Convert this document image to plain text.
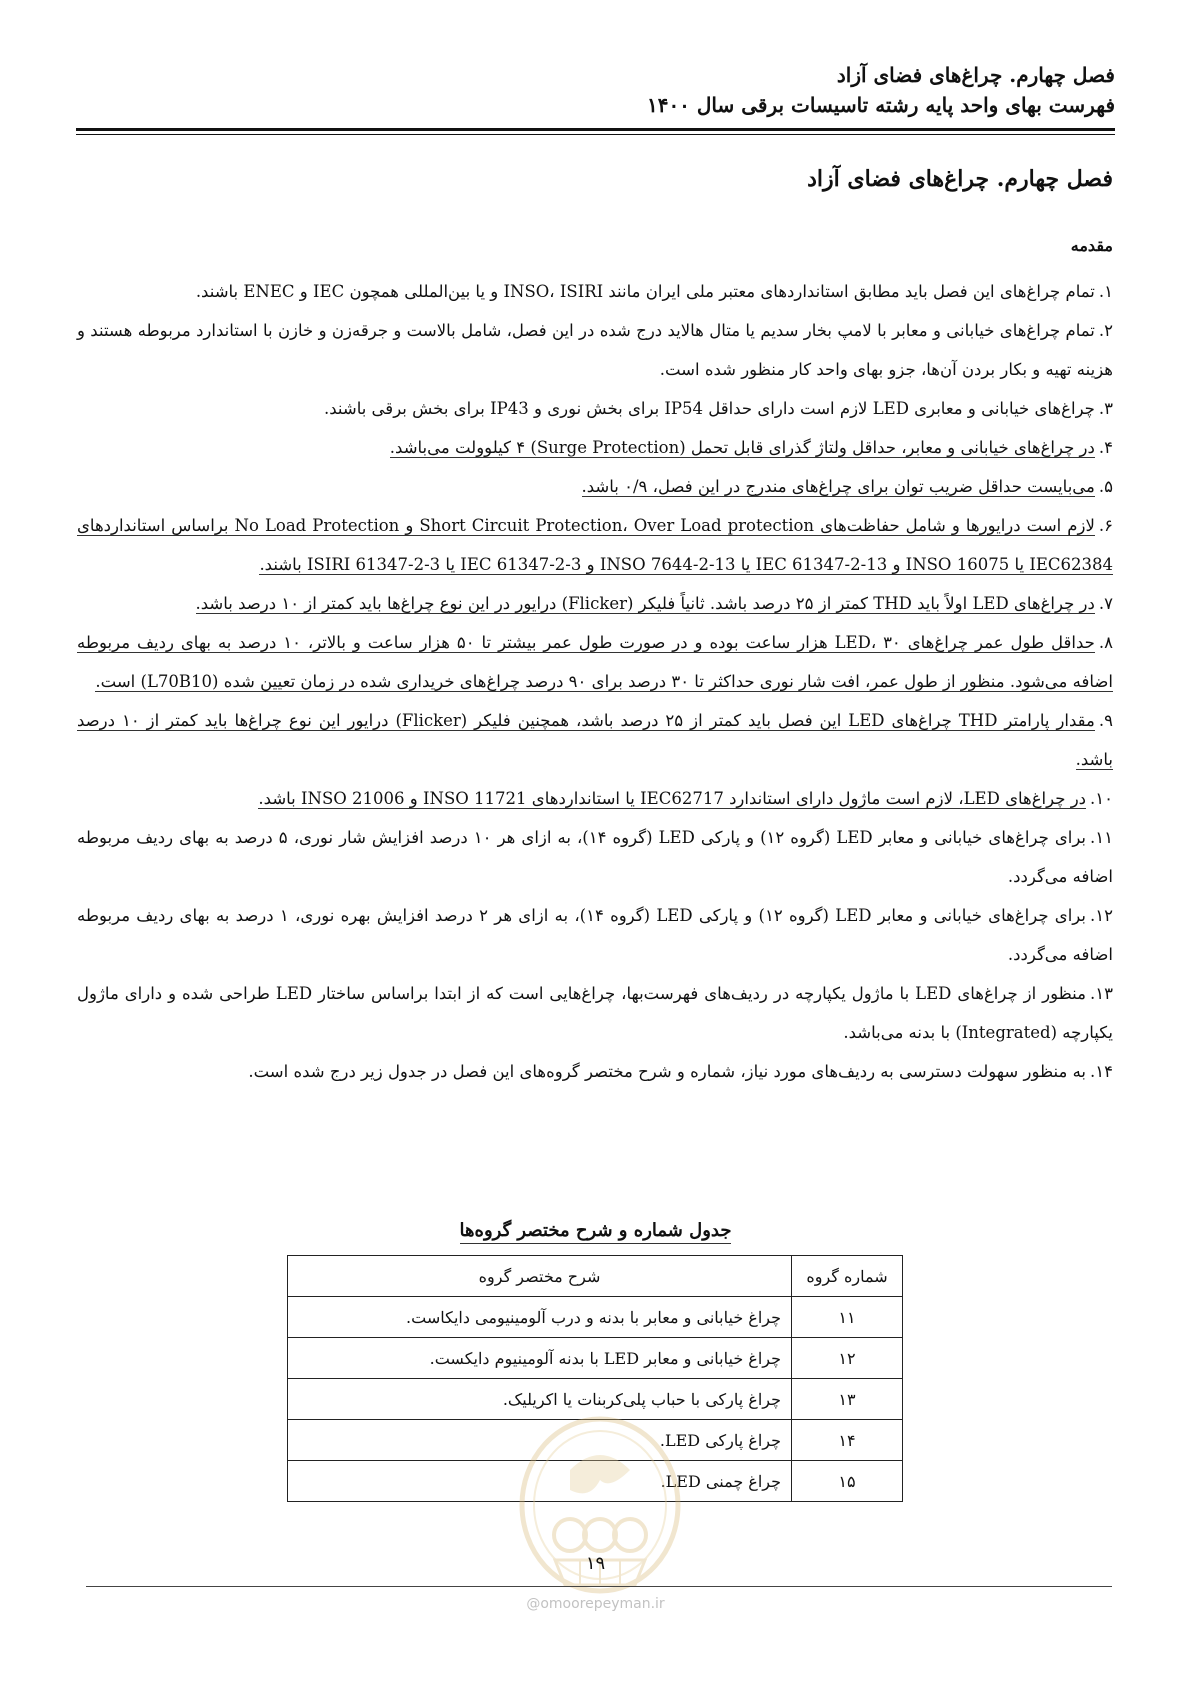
فصل چهارم. چراغ‌های فضای آزاد
فهرست بهای واحد پایه رشته تاسیسات برقی سال ۱۴۰۰
فصل چهارم. چراغ‌های فضای آزاد
مقدمه

۱.تمام چراغ‌های این فصل باید مطابق استانداردهای معتبر ملی ایران مانند INSO، ISIRI و یا بین‌المللی همچون IEC و ENEC باشند.

۲.تمام چراغ‌های خیابانی و معابر با لامپ بخار سدیم یا متال هالاید درج شده در این فصل، شامل بالاست و جرقه‌زن و خازن با استاندارد مربوطه هستند و هزینه تهیه و بکار بردن آن‌ها، جزو بهای واحد کار منظور شده است.

۳.چراغ‌های خیابانی و معابری LED لازم است دارای حداقل IP54 برای بخش نوری و IP43 برای بخش برقی باشند.

۴.در چراغ‌های خیابانی و معابر، حداقل ولتاژ گذرای قابل تحمل (Surge Protection) ۴ کیلوولت می‌باشد.

۵.می‌بایست حداقل ضریب توان برای چراغ‌های مندرج در این فصل، ۰/۹ باشد.

۶.لازم است درایورها و شامل حفاظت‌های Short Circuit Protection، Over Load protection و No Load Protection براساس استانداردهای IEC62384 یا INSO 16075 و IEC 61347-2-13 یا INSO 7644-2-13 و IEC 61347-2-3 یا ISIRI 61347-2-3 باشند.

۷.در چراغ‌های LED اولاً باید THD کمتر از ۲۵ درصد باشد. ثانیاً فلیکر (Flicker) درایور در این نوع چراغ‌ها باید کمتر از ۱۰ درصد باشد.

۸.حداقل طول عمر چراغ‌های LED، ۳۰ هزار ساعت بوده و در صورت طول عمر بیشتر تا ۵۰ هزار ساعت و بالاتر، ۱۰ درصد به بهای ردیف مربوطه اضافه می‌شود. منظور از طول عمر، افت شار نوری حداکثر تا ۳۰ درصد برای ۹۰ درصد چراغ‌های خریداری شده در زمان تعیین شده (L70B10) است.

۹.مقدار پارامتر THD چراغ‌های LED این فصل باید کمتر از ۲۵ درصد باشد، همچنین فلیکر (Flicker) درایور این نوع چراغ‌ها باید کمتر از ۱۰ درصد باشد.

۱۰.در چراغ‌های LED، لازم است ماژول دارای استاندارد IEC62717 یا استانداردهای INSO 11721 و INSO 21006 باشد.

۱۱.برای چراغ‌های خیابانی و معابر LED (گروه ۱۲) و پارکی LED (گروه ۱۴)، به ازای هر ۱۰ درصد افزایش شار نوری، ۵ درصد به بهای ردیف مربوطه اضافه می‌گردد.

۱۲.برای چراغ‌های خیابانی و معابر LED (گروه ۱۲) و پارکی LED (گروه ۱۴)، به ازای هر ۲ درصد افزایش بهره نوری، ۱ درصد به بهای ردیف مربوطه اضافه می‌گردد.

۱۳.منظور از چراغ‌های LED با ماژول یکپارچه در ردیف‌های فهرست‌بها، چراغ‌هایی است که از ابتدا براساس ساختار LED طراحی شده و دارای ماژول یکپارچه (Integrated) با بدنه می‌باشد.

۱۴.به منظور سهولت دسترسی به ردیف‌های مورد نیاز، شماره و شرح مختصر گروه‌های این فصل در جدول زیر درج شده است.

جدول شماره و شرح مختصر گروه‌ها
شماره گروه	شرح مختصر گروه
۱۱	چراغ خیابانی و معابر با بدنه و درب آلومینیومی دایکاست.
۱۲	چراغ خیابانی و معابر LED با بدنه آلومینیوم دایکست.
۱۳	چراغ پارکی با حباب پلی‌کربنات یا اکریلیک.
۱۴	چراغ پارکی LED.
۱۵	چراغ چمنی LED.
۱۹
@omoorepeyman.ir
